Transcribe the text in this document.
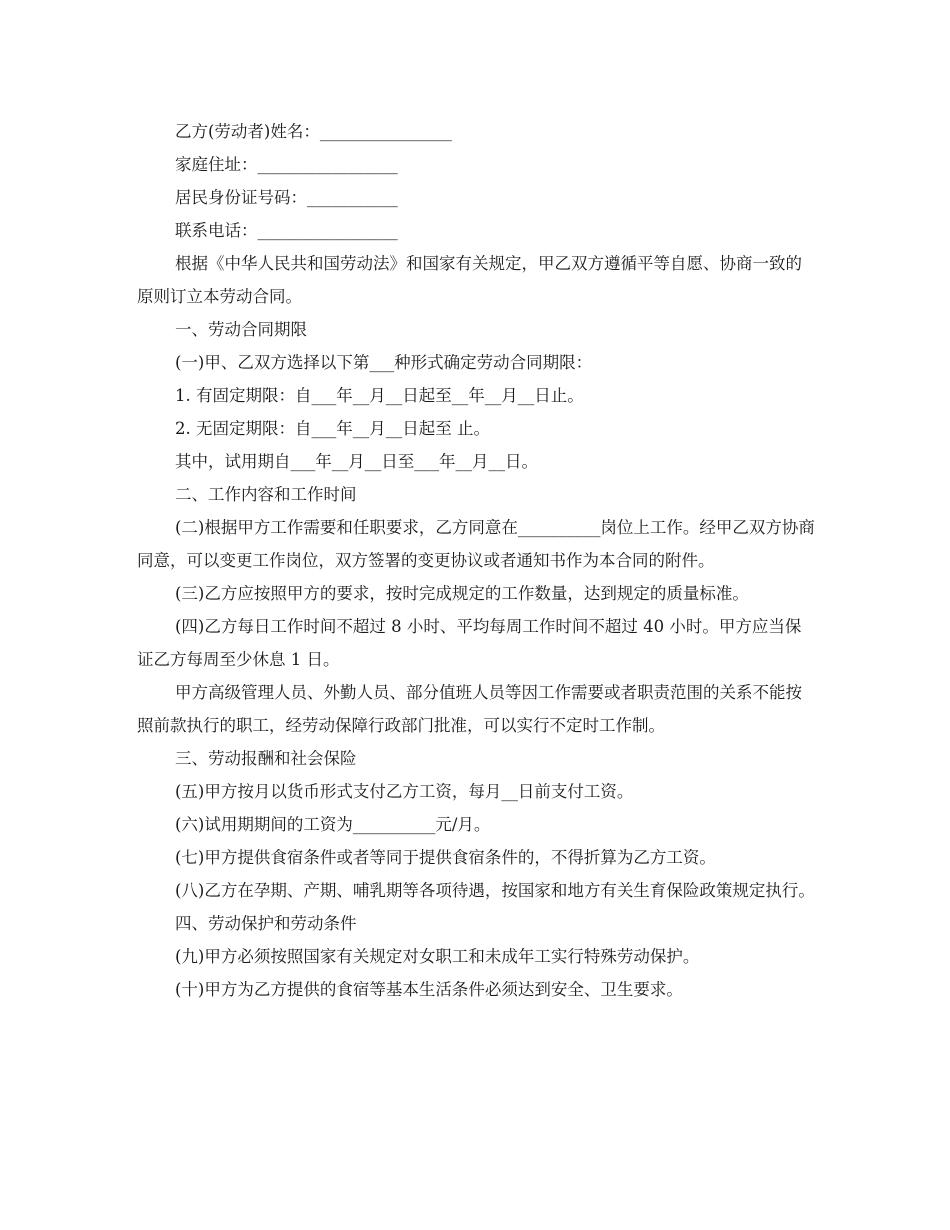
乙方(劳动者)姓名：________________

家庭住址：_________________

居民身份证号码：___________

联系电话：_________________

根据《中华人民共和国劳动法》和国家有关规定，甲乙双方遵循平等自愿、协商一致的原则订立本劳动合同。

一、劳动合同期限

(一)甲、乙双方选择以下第___种形式确定劳动合同期限：

1. 有固定期限：自___年__月__日起至__年__月__日止。

2. 无固定期限：自___年__月__日起至 止。

其中，试用期自___年__月__日至___年__月__日。

二、工作内容和工作时间

(二)根据甲方工作需要和任职要求，乙方同意在__________岗位上工作。经甲乙双方协商同意，可以变更工作岗位，双方签署的变更协议或者通知书作为本合同的附件。

(三)乙方应按照甲方的要求，按时完成规定的工作数量，达到规定的质量标准。

(四)乙方每日工作时间不超过 8 小时、平均每周工作时间不超过 40 小时。甲方应当保证乙方每周至少休息 1 日。

甲方高级管理人员、外勤人员、部分值班人员等因工作需要或者职责范围的关系不能按照前款执行的职工，经劳动保障行政部门批准，可以实行不定时工作制。

三、劳动报酬和社会保险

(五)甲方按月以货币形式支付乙方工资，每月__日前支付工资。

(六)试用期期间的工资为__________元/月。

(七)甲方提供食宿条件或者等同于提供食宿条件的，不得折算为乙方工资。

(八)乙方在孕期、产期、哺乳期等各项待遇，按国家和地方有关生育保险政策规定执行。

四、劳动保护和劳动条件

(九)甲方必须按照国家有关规定对女职工和未成年工实行特殊劳动保护。

(十)甲方为乙方提供的食宿等基本生活条件必须达到安全、卫生要求。
